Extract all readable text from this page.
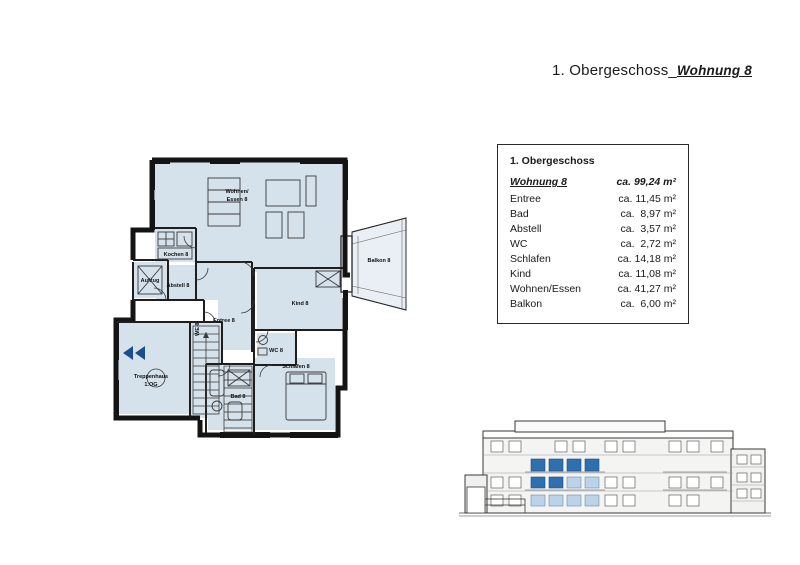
1. Obergeschoss_Wohnung 8
1. Obergeschoss
Wohnung 8	ca. 99,24 m²
Entree	ca. 11,45 m²
Bad	ca.  8,97 m²
Abstell	ca.  3,57 m²
WC	ca.  2,72 m²
Schlafen	ca. 14,18 m²
Kind	ca. 11,08 m²
Wohnen/Essen	ca. 41,27 m²
Balkon	ca.  6,00 m²
WE 8
Kochen 8
Wohnen/
Essen 8
Balkon 8
Aufzug
Abstell 8
Entree 8
Kind 8
WC 8
Treppenhaus
1.OG
Bad 8
Schlafen 8
